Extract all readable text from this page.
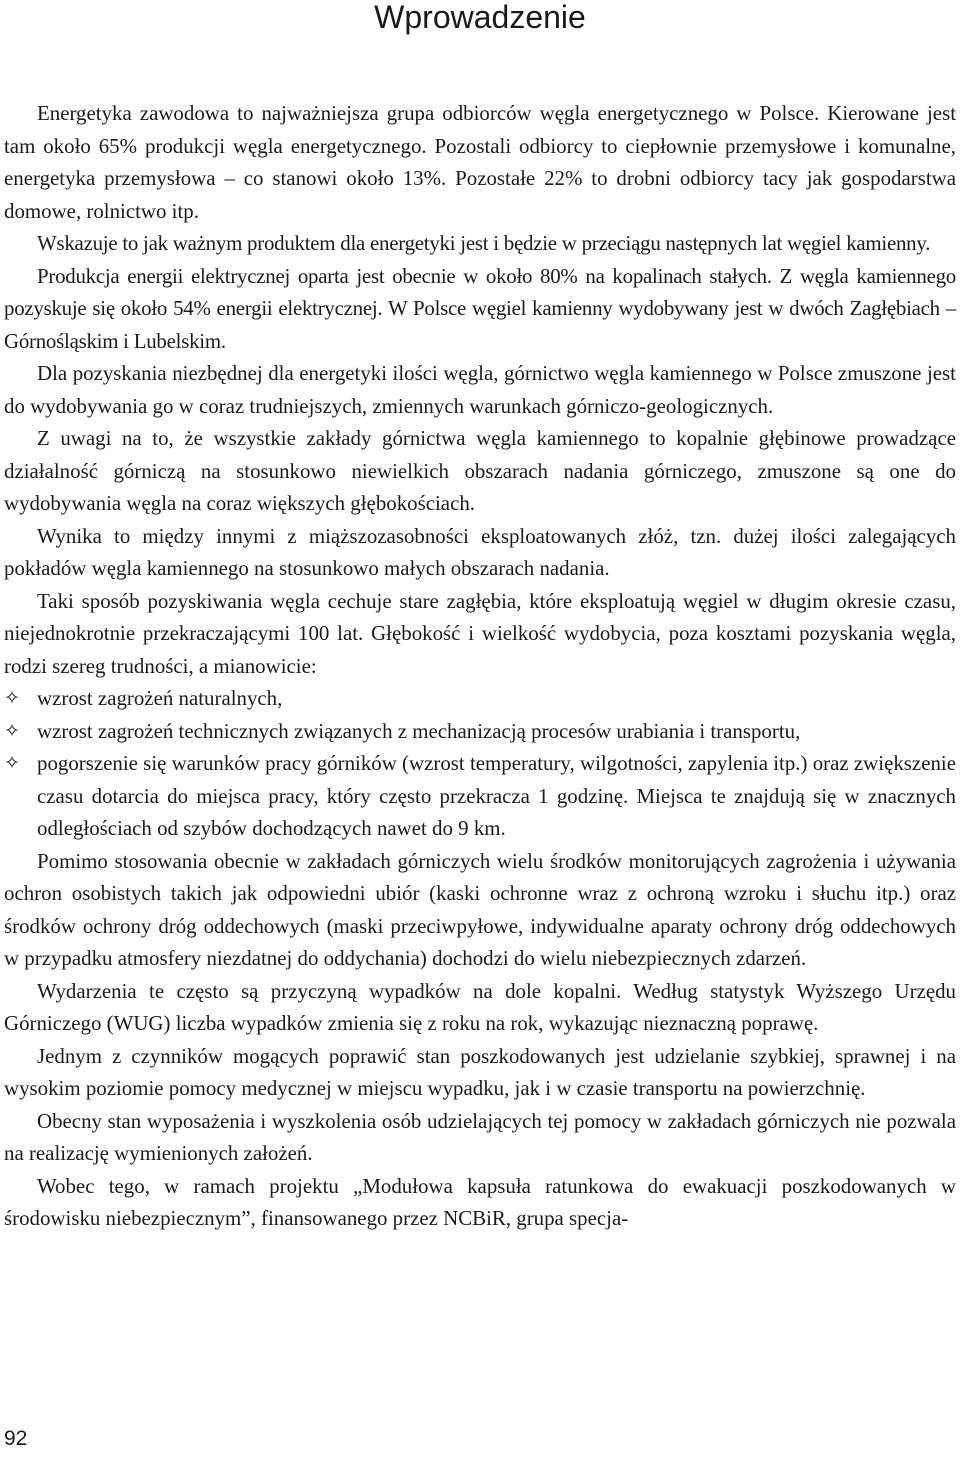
Wprowadzenie

Energetyka zawodowa to najważniejsza grupa odbiorców węgla energetycznego w Polsce. Kierowane jest tam około 65% produkcji węgla energetycznego. Pozostali odbiorcy to ciepłownie przemysłowe i komunalne, energetyka przemysłowa – co stanowi około 13%. Pozostałe 22% to drobni odbiorcy tacy jak gospodarstwa domowe, rolnictwo itp.

Wskazuje to jak ważnym produktem dla energetyki jest i będzie w przeciągu następnych lat węgiel kamienny.

Produkcja energii elektrycznej oparta jest obecnie w około 80% na kopalinach stałych. Z węgla kamiennego pozyskuje się około 54% energii elektrycznej. W Polsce węgiel kamienny wydobywany jest w dwóch Zagłębiach – Górnośląskim i Lubelskim.

Dla pozyskania niezbędnej dla energetyki ilości węgla, górnictwo węgla kamiennego w Polsce zmuszone jest do wydobywania go w coraz trudniejszych, zmiennych warunkach górniczo-geologicznych.

Z uwagi na to, że wszystkie zakłady górnictwa węgla kamiennego to kopalnie głębinowe prowadzące działalność górniczą na stosunkowo niewielkich obszarach nadania górniczego, zmuszone są one do wydobywania węgla na coraz większych głębokościach.

Wynika to między innymi z miąższozasobności eksploatowanych złóż, tzn. dużej ilości zalegających pokładów węgla kamiennego na stosunkowo małych obszarach nadania.

Taki sposób pozyskiwania węgla cechuje stare zagłębia, które eksploatują węgiel w długim okresie czasu, niejednokrotnie przekraczającymi 100 lat. Głębokość i wielkość wydobycia, poza kosztami pozyskania węgla, rodzi szereg trudności, a mianowicie:

✧ wzrost zagrożeń naturalnych,
✧ wzrost zagrożeń technicznych związanych z mechanizacją procesów urabiania i transportu,
✧ pogorszenie się warunków pracy górników (wzrost temperatury, wilgotności, zapylenia itp.) oraz zwiększenie czasu dotarcia do miejsca pracy, który często przekracza 1 godzinę. Miejsca te znajdują się w znacznych odległościach od szybów dochodzących nawet do 9 km.

Pomimo stosowania obecnie w zakładach górniczych wielu środków monitorujących zagrożenia i używania ochron osobistych takich jak odpowiedni ubiór (kaski ochronne wraz z ochroną wzroku i słuchu itp.) oraz środków ochrony dróg oddechowych (maski przeciwpyłowe, indywidualne aparaty ochrony dróg oddechowych w przypadku atmosfery niezdatnej do oddychania) dochodzi do wielu niebezpiecznych zdarzeń.

Wydarzenia te często są przyczyną wypadków na dole kopalni. Według statystyk Wyższego Urzędu Górniczego (WUG) liczba wypadków zmienia się z roku na rok, wykazując nieznaczną poprawę.

Jednym z czynników mogących poprawić stan poszkodowanych jest udzielanie szybkiej, sprawnej i na wysokim poziomie pomocy medycznej w miejscu wypadku, jak i w czasie transportu na powierzchnię.

Obecny stan wyposażenia i wyszkolenia osób udzielających tej pomocy w zakładach górniczych nie pozwala na realizację wymienionych założeń.

Wobec tego, w ramach projektu „Modułowa kapsuła ratunkowa do ewakuacji poszkodowanych w środowisku niebezpiecznym”, finansowanego przez NCBiR, grupa specja-

92
